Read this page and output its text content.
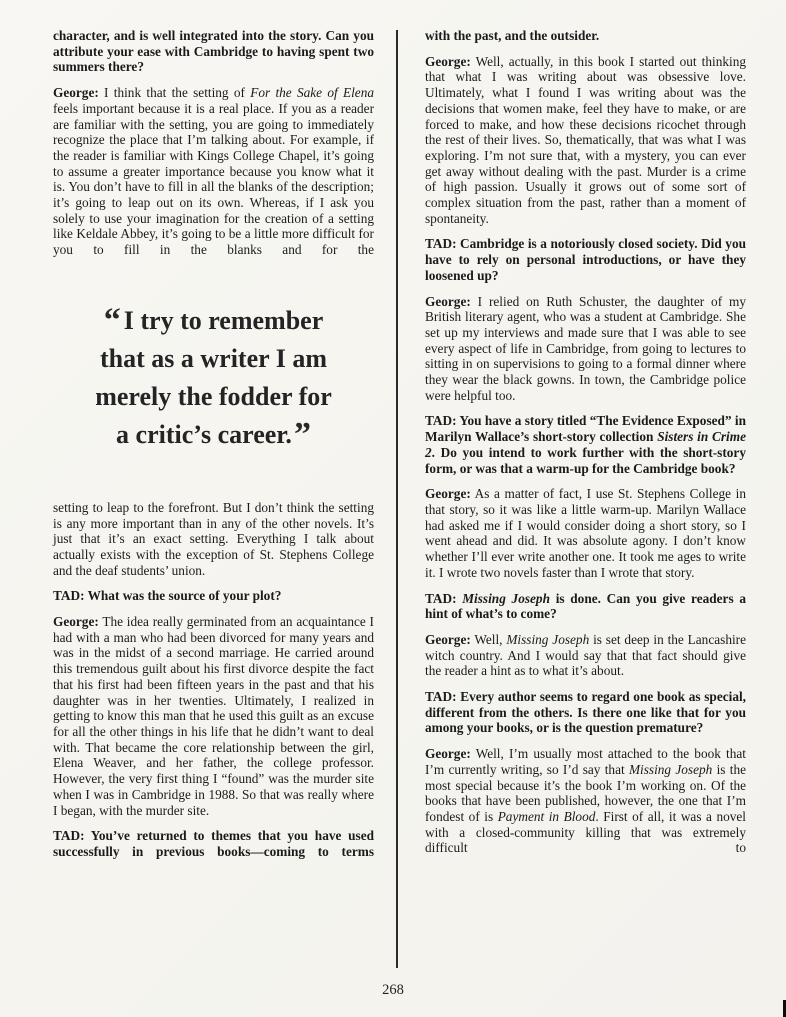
character, and is well integrated into the story. Can you attribute your ease with Cambridge to having spent two summers there?

George: I think that the setting of For the Sake of Elena feels important because it is a real place. If you as a reader are familiar with the setting, you are going to immediately recognize the place that I’m talking about. For example, if the reader is familiar with Kings College Chapel, it’s going to assume a greater importance because you know what it is. You don’t have to fill in all the blanks of the description; it’s going to leap out on its own. Whereas, if I ask you solely to use your imagination for the creation of a setting like Keldale Abbey, it’s going to be a little more difficult for you to fill in the blanks and for the

“ I try to remember
that as a writer I am
merely the fodder for
a critic’s career.”

setting to leap to the forefront. But I don’t think the setting is any more important than in any of the other novels. It’s just that it’s an exact setting. Everything I talk about actually exists with the exception of St. Stephens College and the deaf students’ union.

TAD: What was the source of your plot?

George: The idea really germinated from an acquaintance I had with a man who had been divorced for many years and was in the midst of a second marriage. He carried around this tremendous guilt about his first divorce despite the fact that his first had been fifteen years in the past and that his daughter was in her twenties. Ultimately, I realized in getting to know this man that he used this guilt as an excuse for all the other things in his life that he didn’t want to deal with. That became the core relationship between the girl, Elena Weaver, and her father, the college professor. However, the very first thing I “found” was the murder site when I was in Cambridge in 1988. So that was really where I began, with the murder site.

TAD: You’ve returned to themes that you have used successfully in previous books—coming to terms

with the past, and the outsider.

George: Well, actually, in this book I started out thinking that what I was writing about was obsessive love. Ultimately, what I found I was writing about was the decisions that women make, feel they have to make, or are forced to make, and how these decisions ricochet through the rest of their lives. So, thematically, that was what I was exploring. I’m not sure that, with a mystery, you can ever get away without dealing with the past. Murder is a crime of high passion. Usually it grows out of some sort of complex situation from the past, rather than a moment of spontaneity.

TAD: Cambridge is a notoriously closed society. Did you have to rely on personal introductions, or have they loosened up?

George: I relied on Ruth Schuster, the daughter of my British literary agent, who was a student at Cambridge. She set up my interviews and made sure that I was able to see every aspect of life in Cambridge, from going to lectures to sitting in on supervisions to going to a formal dinner where they wear the black gowns. In town, the Cambridge police were helpful too.

TAD: You have a story titled “The Evidence Exposed” in Marilyn Wallace’s short-story collection Sisters in Crime 2. Do you intend to work further with the short-story form, or was that a warm-up for the Cambridge book?

George: As a matter of fact, I use St. Stephens College in that story, so it was like a little warm-up. Marilyn Wallace had asked me if I would consider doing a short story, so I went ahead and did. It was absolute agony. I don’t know whether I’ll ever write another one. It took me ages to write it. I wrote two novels faster than I wrote that story.

TAD: Missing Joseph is done. Can you give readers a hint of what’s to come?

George: Well, Missing Joseph is set deep in the Lancashire witch country. And I would say that that fact should give the reader a hint as to what it’s about.

TAD: Every author seems to regard one book as special, different from the others. Is there one like that for you among your books, or is the question premature?

George: Well, I’m usually most attached to the book that I’m currently writing, so I’d say that Missing Joseph is the most special because it’s the book I’m working on. Of the books that have been published, however, the one that I’m fondest of is Payment in Blood. First of all, it was a novel with a closed-community killing that was extremely difficult to

268
